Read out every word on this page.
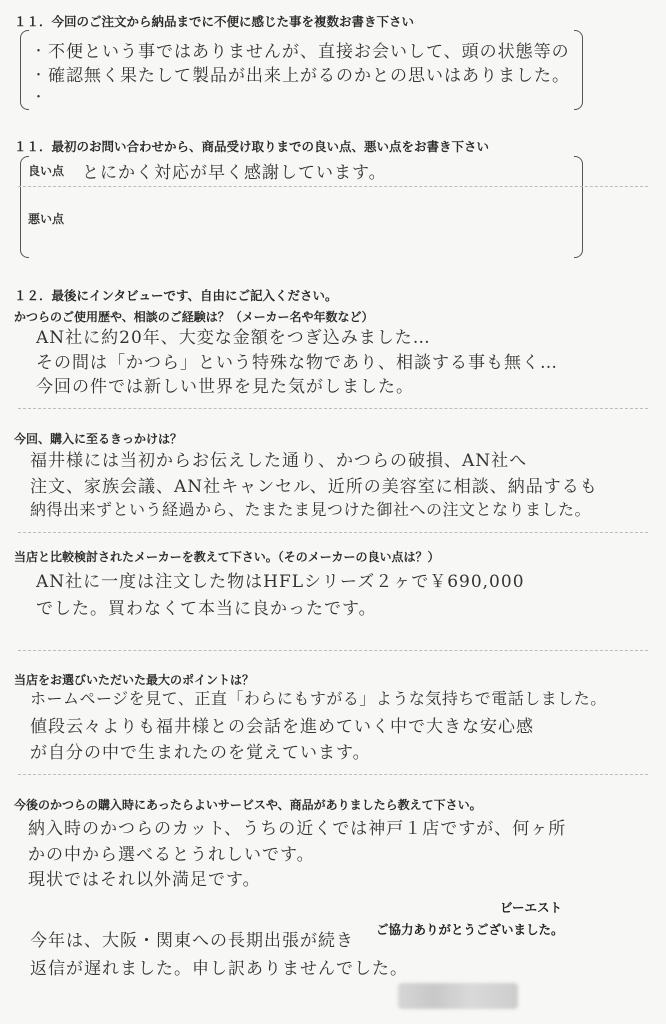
１１．今回のご注文から納品までに不便に感じた事を複数お書き下さい
・
・
・
不便という事ではありませんが、直接お会いして、頭の状態等の
確認無く果たして製品が出来上がるのかとの思いはありました。
１１．最初のお問い合わせから、商品受け取りまでの良い点、悪い点をお書き下さい
良い点 とにかく対応が早く感謝しています。
悪い点
１２．最後にインタビューです、自由にご記入ください。
かつらのご使用歴や、相談のご経験は？（メーカー名や年数など）
AN社に約20年、大変な金額をつぎ込みました…
その間は「かつら」という特殊な物であり、相談する事も無く…
今回の件では新しい世界を見た気がしました。
今回、購入に至るきっかけは？
福井様には当初からお伝えした通り、かつらの破損、AN社へ
注文、家族会議、AN社キャンセル、近所の美容室に相談、納品するも
納得出来ずという経過から、たまたま見つけた御社への注文となりました。
当店と比較検討されたメーカーを教えて下さい。（そのメーカーの良い点は？）
AN社に一度は注文した物はHFLシリーズ２ヶで￥690,000
でした。買わなくて本当に良かったです。
当店をお選びいただいた最大のポイントは？
ホームページを見て、正直「わらにもすがる」ような気持ちで電話しました。
値段云々よりも福井様との会話を進めていく中で大きな安心感
が自分の中で生まれたのを覚えています。
今後のかつらの購入時にあったらよいサービスや、商品がありましたら教えて下さい。
納入時のかつらのカット、うちの近くでは神戸１店ですが、何ヶ所
かの中から選べるとうれしいです。
現状ではそれ以外満足です。
ビーエスト
ご協力ありがとうございました。
今年は、大阪・関東への長期出張が続き
返信が遅れました。申し訳ありませんでした。
